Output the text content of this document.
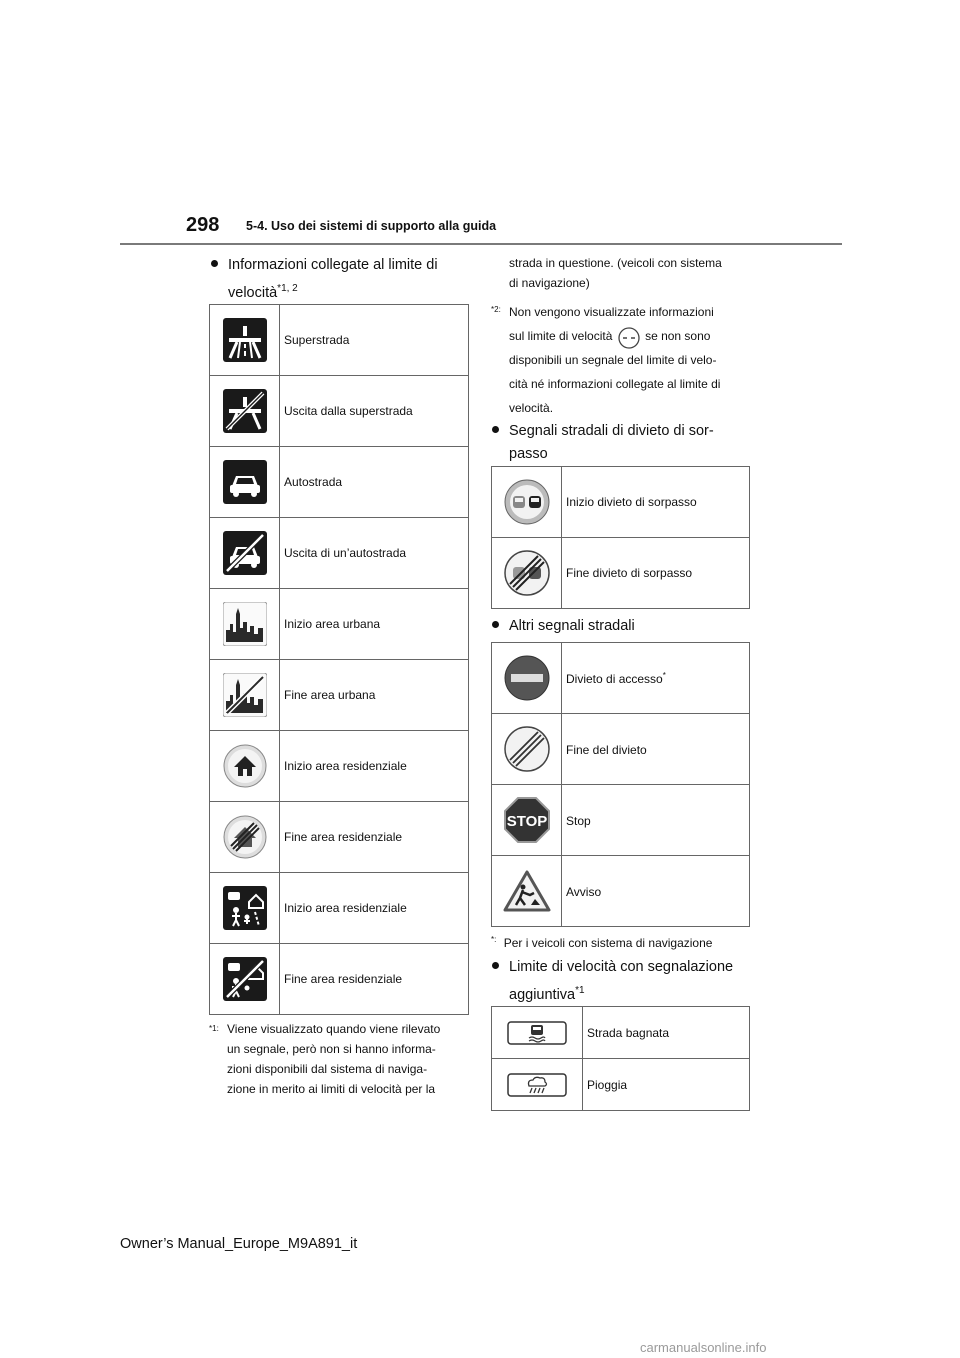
298 5-4. Uso dei sistemi di supporto alla guida
Informazioni collegate al limite di
velocità$^{*1, 2}$
	Superstrada

	Uscita dalla superstrada

	Autostrada

	Uscita di un’autostrada

	Inizio area urbana

	Fine area urbana

	Inizio area residenziale

	Fine area residenziale

	Inizio area residenziale

	Fine area residenziale
$^{*1:}$ Viene visualizzato quando viene rilevato
un segnale, però non si hanno informa-
zioni disponibili dal sistema di naviga-
zione in merito ai limiti di velocità per la
strada in questione. (veicoli con sistema
di navigazione)
$^{*2:}$ Non vengono visualizzate informazioni
sul limite di velocità	se non sono
disponibili un segnale del limite di velo-
cità né informazioni collegate al limite di
velocità.
Segnali stradali di divieto di sor-
passo
	Inizio divieto di sorpasso

	Fine divieto di sorpasso
Altri segnali stradali
	Divieto di accesso*

	Fine del divieto

STOP	Stop

	Avviso
*: Per i veicoli con sistema di navigazione
Limite di velocità con segnalazione
aggiuntiva$^{*1}$
	Strada bagnata

	Pioggia
Owner’s Manual_Europe_M9A891_it
carmanualsonline.info
